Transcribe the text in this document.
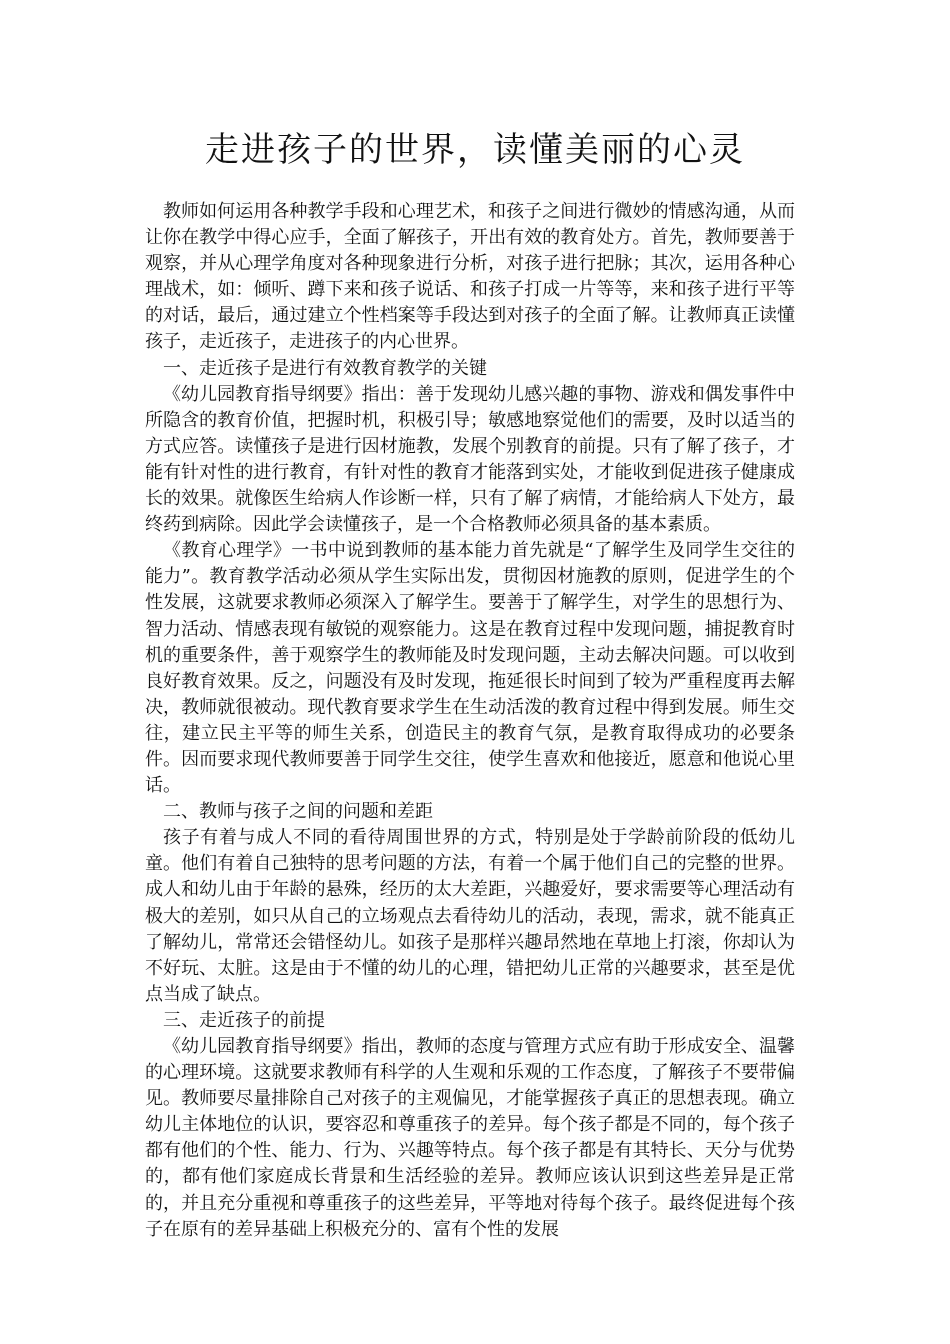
走进孩子的世界，读懂美丽的心灵

教师如何运用各种教学手段和心理艺术，和孩子之间进行微妙的情感沟通，从而让你在教学中得心应手，全面了解孩子，开出有效的教育处方。首先，教师要善于观察，并从心理学角度对各种现象进行分析，对孩子进行把脉；其次，运用各种心理战术，如：倾听、蹲下来和孩子说话、和孩子打成一片等等，来和孩子进行平等的对话，最后，通过建立个性档案等手段达到对孩子的全面了解。让教师真正读懂孩子，走近孩子，走进孩子的内心世界。

一、走近孩子是进行有效教育教学的关键

《幼儿园教育指导纲要》指出：善于发现幼儿感兴趣的事物、游戏和偶发事件中所隐含的教育价值，把握时机，积极引导；敏感地察觉他们的需要，及时以适当的方式应答。读懂孩子是进行因材施教，发展个别教育的前提。只有了解了孩子，才能有针对性的进行教育，有针对性的教育才能落到实处，才能收到促进孩子健康成长的效果。就像医生给病人作诊断一样，只有了解了病情，才能给病人下处方，最终药到病除。因此学会读懂孩子，是一个合格教师必须具备的基本素质。

《教育心理学》一书中说到教师的基本能力首先就是“了解学生及同学生交往的能力”。教育教学活动必须从学生实际出发，贯彻因材施教的原则，促进学生的个性发展，这就要求教师必须深入了解学生。要善于了解学生，对学生的思想行为、智力活动、情感表现有敏锐的观察能力。这是在教育过程中发现问题，捕捉教育时机的重要条件，善于观察学生的教师能及时发现问题，主动去解决问题。可以收到良好教育效果。反之，问题没有及时发现，拖延很长时间到了较为严重程度再去解决，教师就很被动。现代教育要求学生在生动活泼的教育过程中得到发展。师生交往，建立民主平等的师生关系，创造民主的教育气氛，是教育取得成功的必要条件。因而要求现代教师要善于同学生交往，使学生喜欢和他接近，愿意和他说心里话。

二、教师与孩子之间的问题和差距

孩子有着与成人不同的看待周围世界的方式，特别是处于学龄前阶段的低幼儿童。他们有着自己独特的思考问题的方法，有着一个属于他们自己的完整的世界。成人和幼儿由于年龄的悬殊，经历的太大差距，兴趣爱好，要求需要等心理活动有极大的差别，如只从自己的立场观点去看待幼儿的活动，表现，需求，就不能真正了解幼儿，常常还会错怪幼儿。如孩子是那样兴趣昂然地在草地上打滚，你却认为不好玩、太脏。这是由于不懂的幼儿的心理，错把幼儿正常的兴趣要求，甚至是优点当成了缺点。

三、走近孩子的前提

《幼儿园教育指导纲要》指出，教师的态度与管理方式应有助于形成安全、温馨的心理环境。这就要求教师有科学的人生观和乐观的工作态度，了解孩子不要带偏见。教师要尽量排除自己对孩子的主观偏见，才能掌握孩子真正的思想表现。确立幼儿主体地位的认识，要容忍和尊重孩子的差异。每个孩子都是不同的，每个孩子都有他们的个性、能力、行为、兴趣等特点。每个孩子都是有其特长、天分与优势的，都有他们家庭成长背景和生活经验的差异。教师应该认识到这些差异是正常的，并且充分重视和尊重孩子的这些差异，平等地对待每个孩子。最终促进每个孩子在原有的差异基础上积极充分的、富有个性的发展
